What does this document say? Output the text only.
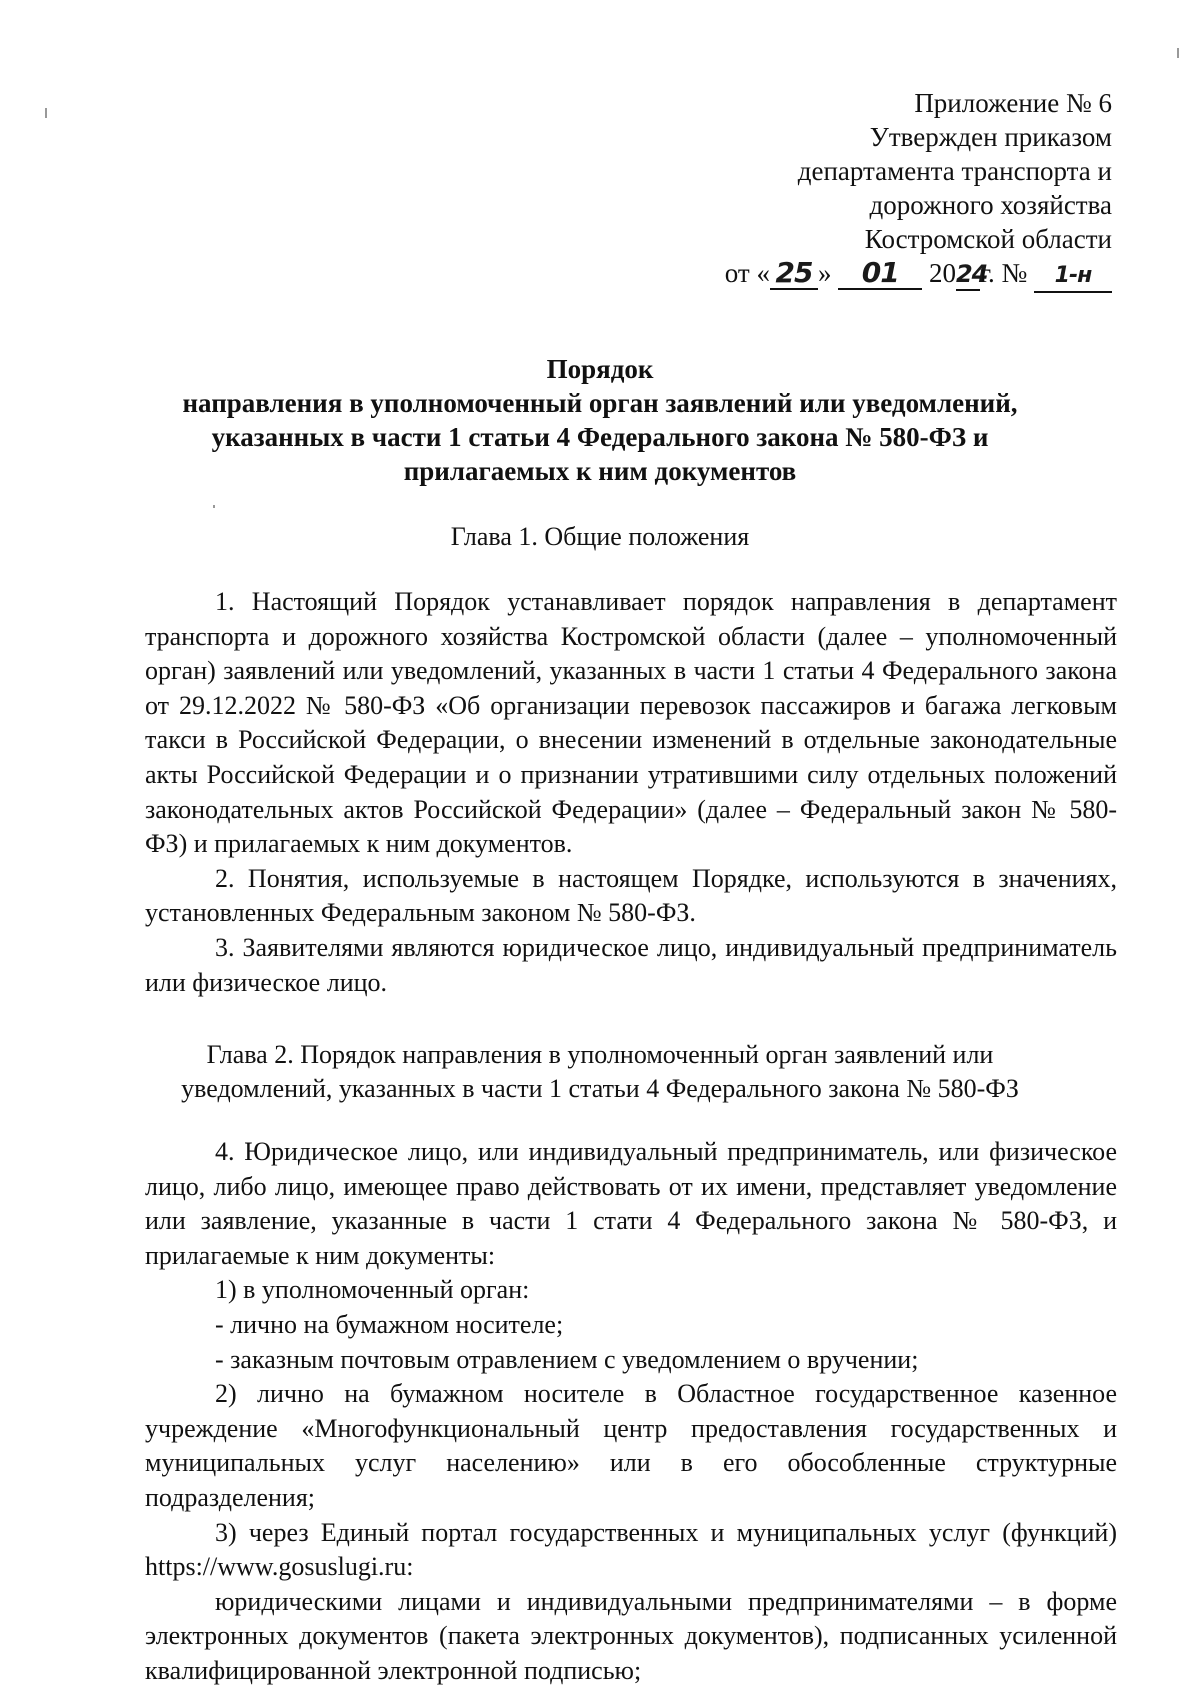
Приложение № 6
Утвержден приказом
департамента транспорта и
дорожного хозяйства
Костромской области
от « 25 » 01 2024г. № 1-н
Порядок
направления в уполномоченный орган заявлений или уведомлений,
указанных в части 1 статьи 4 Федерального закона № 580-ФЗ и
прилагаемых к ним документов
Глава 1. Общие положения

1. Настоящий Порядок устанавливает порядок направления в департамент транспорта и дорожного хозяйства Костромской области (далее – уполномоченный орган) заявлений или уведомлений, указанных в части 1 статьи 4 Федерального закона от 29.12.2022 № 580-ФЗ «Об организации перевозок пассажиров и багажа легковым такси в Российской Федерации, о внесении изменений в отдельные законодательные акты Российской Федерации и о признании утратившими силу отдельных положений законодательных актов Российской Федерации» (далее – Федеральный закон № 580-ФЗ) и прилагаемых к ним документов.

2. Понятия, используемые в настоящем Порядке, используются в значениях, установленных Федеральным законом № 580-ФЗ.

3. Заявителями являются юридическое лицо, индивидуальный предприниматель или физическое лицо.

Глава 2. Порядок направления в уполномоченный орган заявлений или
уведомлений, указанных в части 1 статьи 4 Федерального закона № 580-ФЗ

4. Юридическое лицо, или индивидуальный предприниматель, или физическое лицо, либо лицо, имеющее право действовать от их имени, представляет уведомление или заявление, указанные в части 1 стати 4 Федерального закона № 580-ФЗ, и прилагаемые к ним документы:

1) в уполномоченный орган:

- лично на бумажном носителе;

- заказным почтовым отравлением с уведомлением о вручении;

2) лично на бумажном носителе в Областное государственное казенное учреждение «Многофункциональный центр предоставления государственных и муниципальных услуг населению» или в его обособленные структурные подразделения;

3) через Единый портал государственных и муниципальных услуг (функций) https://www.gosuslugi.ru:

юридическими лицами и индивидуальными предпринимателями – в форме электронных документов (пакета электронных документов), подписанных усиленной квалифицированной электронной подписью;
